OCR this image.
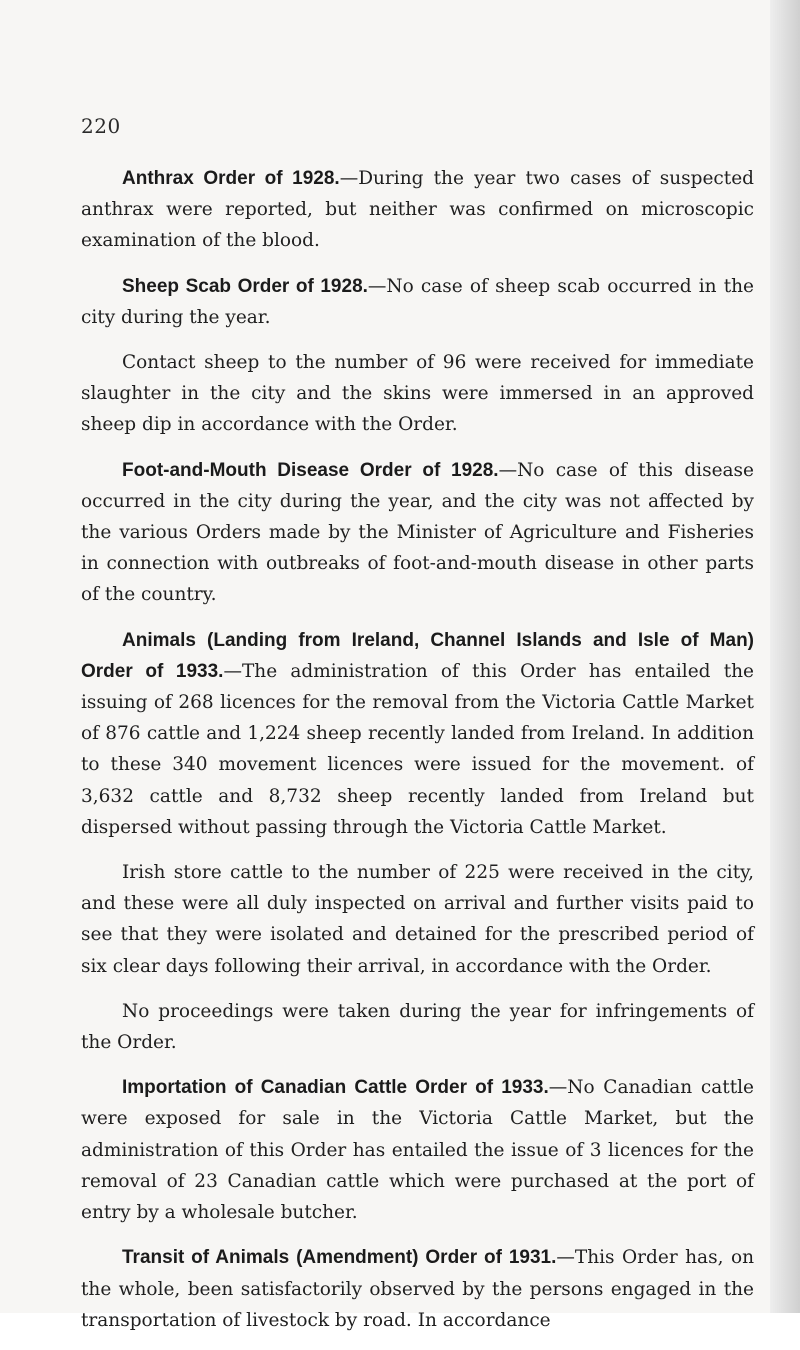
220

Anthrax Order of 1928.—During the year two cases of suspected anthrax were reported, but neither was confirmed on microscopic examination of the blood.

Sheep Scab Order of 1928.—No case of sheep scab occurred in the city during the year.

Contact sheep to the number of 96 were received for immediate slaughter in the city and the skins were immersed in an approved sheep dip in accordance with the Order.

Foot-and-Mouth Disease Order of 1928.—No case of this disease occurred in the city during the year, and the city was not affected by the various Orders made by the Minister of Agriculture and Fisheries in connection with outbreaks of foot-and-mouth disease in other parts of the country.

Animals (Landing from Ireland, Channel Islands and Isle of Man) Order of 1933.—The administration of this Order has entailed the issuing of 268 licences for the removal from the Victoria Cattle Market of 876 cattle and 1,224 sheep recently landed from Ireland. In addition to these 340 movement licences were issued for the movement. of 3,632 cattle and 8,732 sheep recently landed from Ireland but dispersed without passing through the Victoria Cattle Market.

Irish store cattle to the number of 225 were received in the city, and these were all duly inspected on arrival and further visits paid to see that they were isolated and detained for the prescribed period of six clear days following their arrival, in accordance with the Order.

No proceedings were taken during the year for infringements of the Order.

Importation of Canadian Cattle Order of 1933.—No Canadian cattle were exposed for sale in the Victoria Cattle Market, but the administration of this Order has entailed the issue of 3 licences for the removal of 23 Canadian cattle which were purchased at the port of entry by a wholesale butcher.

Transit of Animals (Amendment) Order of 1931.—This Order has, on the whole, been satisfactorily observed by the persons engaged in the transportation of livestock by road. In accordance
